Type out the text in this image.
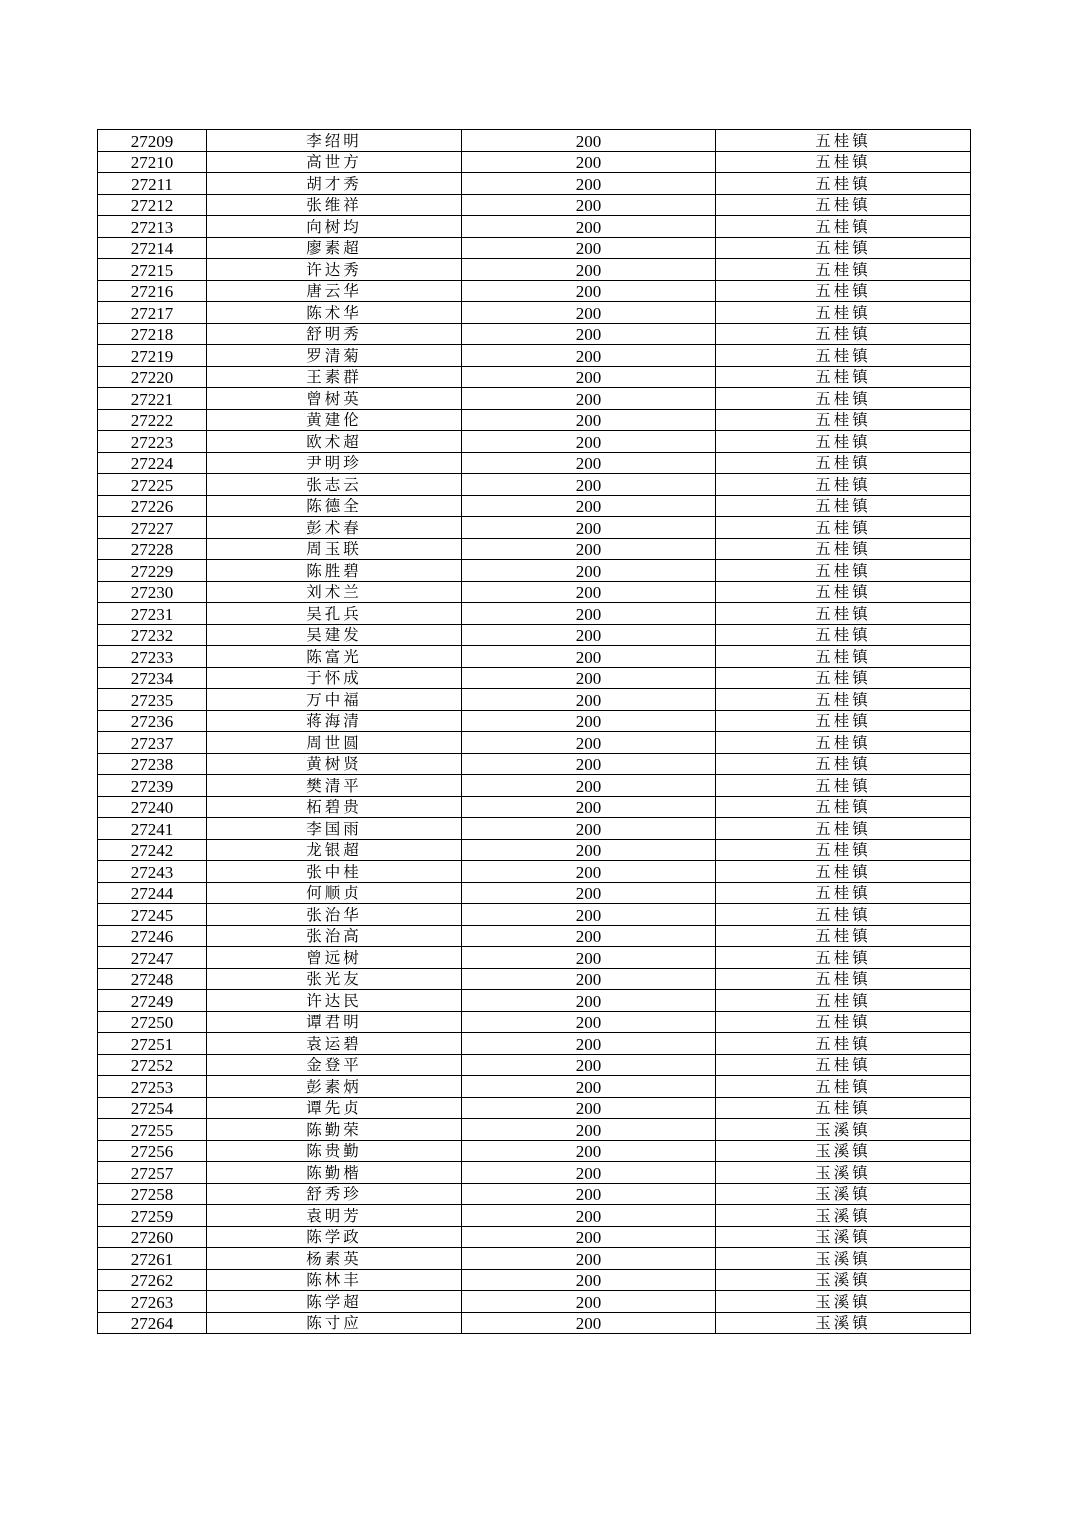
27209	李绍明	200	五桂镇
27210	高世方	200	五桂镇
27211	胡才秀	200	五桂镇
27212	张维祥	200	五桂镇
27213	向树均	200	五桂镇
27214	廖素超	200	五桂镇
27215	许达秀	200	五桂镇
27216	唐云华	200	五桂镇
27217	陈术华	200	五桂镇
27218	舒明秀	200	五桂镇
27219	罗清菊	200	五桂镇
27220	王素群	200	五桂镇
27221	曾树英	200	五桂镇
27222	黄建伦	200	五桂镇
27223	欧术超	200	五桂镇
27224	尹明珍	200	五桂镇
27225	张志云	200	五桂镇
27226	陈德全	200	五桂镇
27227	彭术春	200	五桂镇
27228	周玉联	200	五桂镇
27229	陈胜碧	200	五桂镇
27230	刘术兰	200	五桂镇
27231	吴孔兵	200	五桂镇
27232	吴建发	200	五桂镇
27233	陈富光	200	五桂镇
27234	于怀成	200	五桂镇
27235	万中福	200	五桂镇
27236	蒋海清	200	五桂镇
27237	周世圆	200	五桂镇
27238	黄树贤	200	五桂镇
27239	樊清平	200	五桂镇
27240	柘碧贵	200	五桂镇
27241	李国雨	200	五桂镇
27242	龙银超	200	五桂镇
27243	张中桂	200	五桂镇
27244	何顺贞	200	五桂镇
27245	张治华	200	五桂镇
27246	张治高	200	五桂镇
27247	曾远树	200	五桂镇
27248	张光友	200	五桂镇
27249	许达民	200	五桂镇
27250	谭君明	200	五桂镇
27251	袁运碧	200	五桂镇
27252	金登平	200	五桂镇
27253	彭素炳	200	五桂镇
27254	谭先贞	200	五桂镇
27255	陈勤荣	200	玉溪镇
27256	陈贵勤	200	玉溪镇
27257	陈勤楷	200	玉溪镇
27258	舒秀珍	200	玉溪镇
27259	袁明芳	200	玉溪镇
27260	陈学政	200	玉溪镇
27261	杨素英	200	玉溪镇
27262	陈林丰	200	玉溪镇
27263	陈学超	200	玉溪镇
27264	陈寸应	200	玉溪镇
